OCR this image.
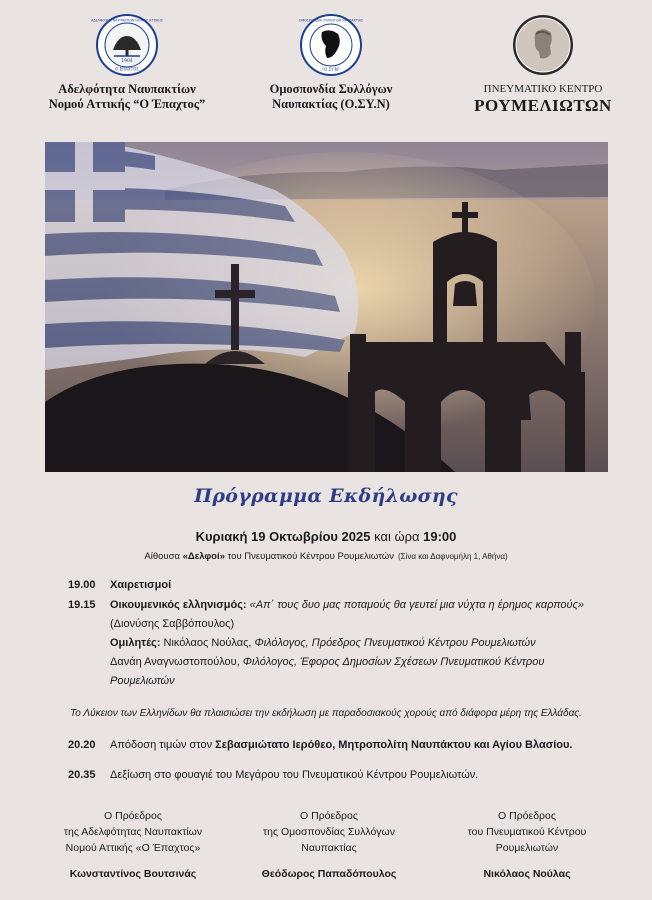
1904
Ο ΕΠΑΧΤΟΣ
ΑΔΕΛΦΟΤΗΣ ΝΑΥΠΑΚΤΙΩΝ ΝΟΜΟΥ ΑΤΤΙΚΗΣ
Αδελφότητα Ναυπακτίων
Νομού Αττικής “Ο Έπαχτος”
ΟΜΟΣΠΟΝΔΙΑ ΣΥΛΛΟΓΩΝ ΝΑΥΠΑΚΤΙΑΣ
“Ο.ΣΥ.Ν”
Ομοσπονδία Συλλόγων
Ναυπακτίας (Ο.ΣΥ.Ν)
ΠΝΕΥΜΑΤΙΚΟ ΚΕΝΤΡΟ
ΡΟΥΜΕΛΙΩΤΩΝ
Πρόγραμμα Εκδήλωσης
Κυριακή 19 Οκτωβρίου 2025 και ώρα 19:00
Αίθουσα «Δελφοί» του Πνευματικού Κέντρου Ρουμελιωτών (Σίνα και Δαφνομήλη 1, Αθήνα)
19.00 Χαιρετισμοί
19.15 Οικουμενικός ελληνισμός: «Απ΄ τους δυο μας ποταμούς θα γευτεί μια νύχτα η έρημος καρπούς»
(Διονύσης Σαββόπουλος)
Ομιλητές: Νικόλαος Νούλας, Φιλόλογος, Πρόεδρος Πνευματικού Κέντρου Ρουμελιωτών
Δανάη Αναγνωστοπούλου, Φιλόλογος, Έφορος Δημοσίων Σχέσεων Πνευματικού Κέντρου
Ρουμελιωτών
Το Λύκειον των Ελληνίδων θα πλαισιώσει την εκδήλωση με παραδοσιακούς χορούς από διάφορα μέρη της Ελλάδας.
20.20 Απόδοση τιμών στον Σεβασμιώτατο Ιερόθεο, Μητροπολίτη Ναυπάκτου και Αγίου Βλασίου.
20.35 Δεξίωση στο φουαγιέ του Μεγάρου του Πνευματικού Κέντρου Ρουμελιωτών.
Ο Πρόεδρος
της Αδελφότητας Ναυπακτίων
Νομού Αττικής «Ο Έπαχτος»
Κωνσταντίνος Βουτσινάς
Ο Πρόεδρος
της Ομοσπονδίας Συλλόγων
Ναυπακτίας
Θεόδωρος Παπαδόπουλος
Ο Πρόεδρος
του Πνευματικού Κέντρου
Ρουμελιωτών
Νικόλαος Νούλας
